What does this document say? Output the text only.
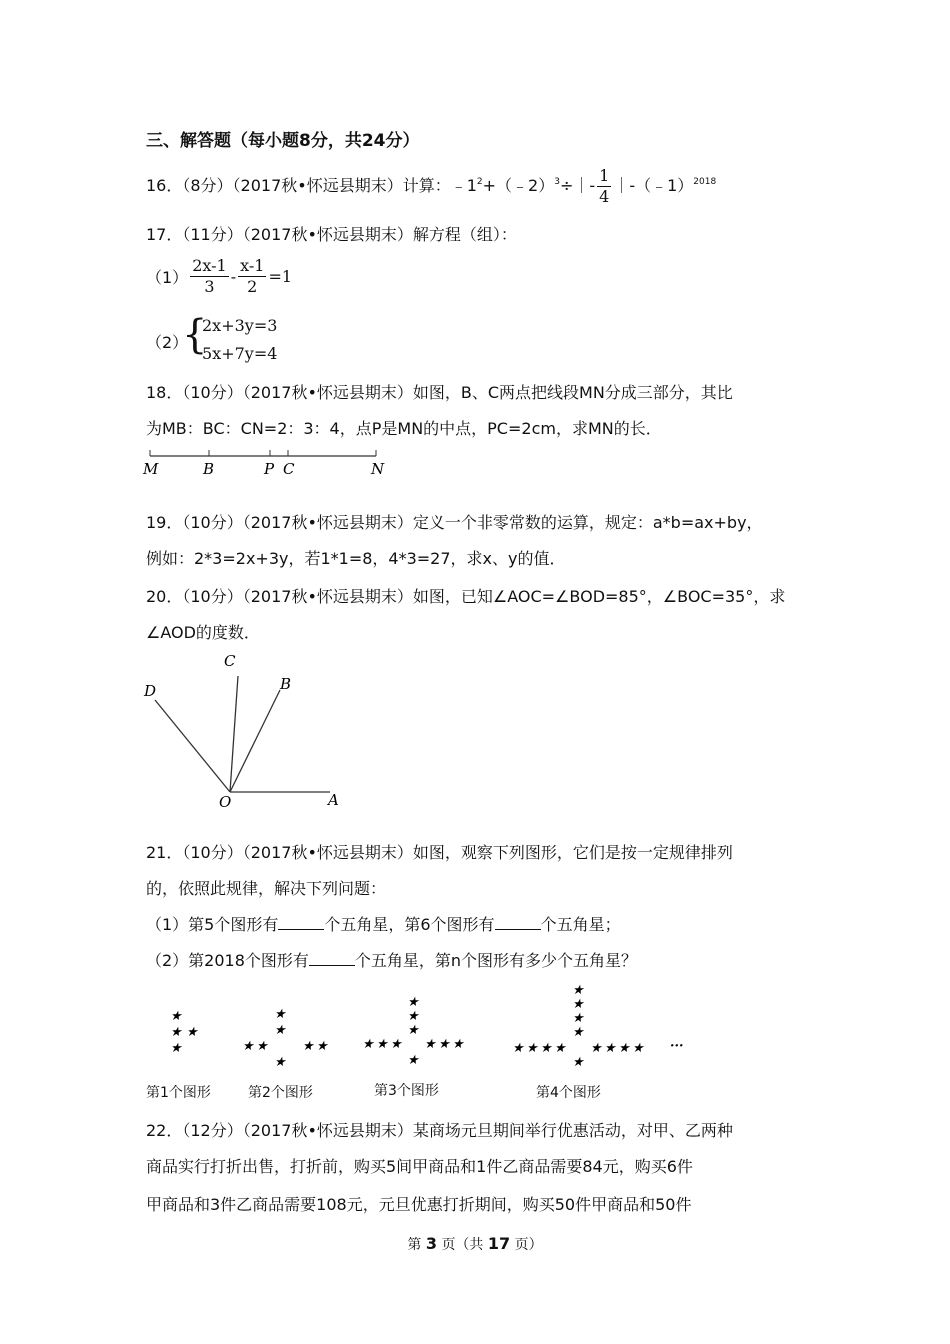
三、解答题（每小题8分，共24分）
16．（8分）（2017秋•怀远县期末）计算：$﹣1^2+(﹣2)^3\div|- \frac{1}{4}$ ｜-（﹣1）$^{2018}$
17．（11分）（2017秋•怀远县期末）解方程（组）：
$(1) \frac{2x-1}{3} - \frac{x-1}{2} =1$
（2）
{
2x+3y=3
5x+7y=4
18．（10分）（2017秋•怀远县期末）如图，B、C两点把线段MN分成三部分，其比
为MB：BC：CN=2：3：4，点P是MN的中点，PC=2cm，求MN的长．
M	B	P C	N
19．（10分）（2017秋•怀远县期末）定义一个非零常数的运算，规定：a*b=ax+by，
例如：2*3=2x+3y，若1*1=8，4*3=27，求x、y的值．
20．（10分）（2017秋•怀远县期末）如图，已知∠AOC=∠BOD=85°，∠BOC=35°，求
∠AOD的度数．
D
C
B
O	A
21．（10分）（2017秋•怀远县期末）如图，观察下列图形，它们是按一定规律排列
的，依照此规律，解决下列问题：
（1）第5个图形有	个五角星，第6个图形有	个五角星；
（2）第2018个图形有	个五角星，第n个图形有多少个五角星？
★ ★
★
★	★ ★	★ ★
★
★
★
★ ★ ★ ★ ★ ★
★
★
★
★
★ ★ ★ ★ ★ ★ ★ ★
★
★
★
★
★
···
第1个图形	第2个图形	第3个图形	第4个图形
22．（12分）（2017秋•怀远县期末）某商场元旦期间举行优惠活动，对甲、乙两种
商品实行打折出售，打折前，购买5间甲商品和1件乙商品需要84元，购买6件
甲商品和3件乙商品需要108元，元旦优惠打折期间，购买50件甲商品和50件
第 3 页（共 17 页）
